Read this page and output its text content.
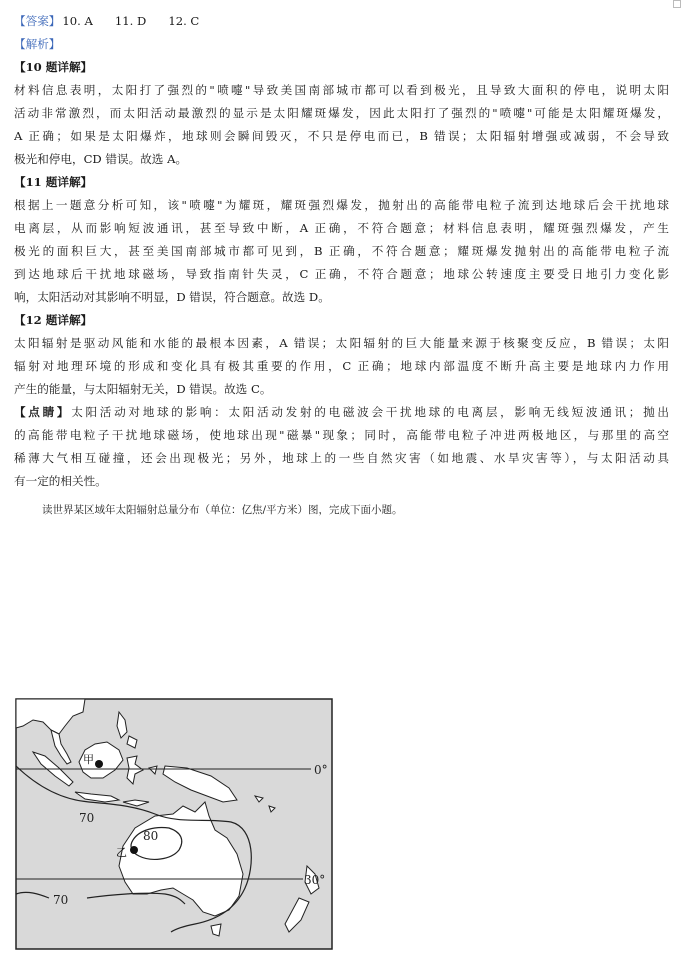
【答案】 10. A 11. D 12. C
【解析】
【10 题详解】
材料信息表明，太阳打了强烈的"喷嚏"导致美国南部城市都可以看到极光，且导致大面积的停电，说明太阳
活动非常激烈，而太阳活动最激烈的显示是太阳耀斑爆发，因此太阳打了强烈的"喷嚏"可能是太阳耀斑爆发，
A 正确；如果是太阳爆炸，地球则会瞬间毁灭，不只是停电而已，B 错误；太阳辐射增强或减弱，不会导致
极光和停电，CD 错误。故选 A。
【11 题详解】
根据上一题意分析可知，该"喷嚏"为耀斑，耀斑强烈爆发，抛射出的高能带电粒子流到达地球后会干扰地球
电离层，从而影响短波通讯，甚至导致中断，A 正确，不符合题意；材料信息表明，耀斑强烈爆发，产生
极光的面积巨大，甚至美国南部城市都可见到，B 正确，不符合题意；耀斑爆发抛射出的高能带电粒子流
到达地球后干扰地球磁场，导致指南针失灵，C 正确，不符合题意；地球公转速度主要受日地引力变化影
响，太阳活动对其影响不明显，D 错误，符合题意。故选 D。
【12 题详解】
太阳辐射是驱动风能和水能的最根本因素，A 错误；太阳辐射的巨大能量来源于核聚变反应，B 错误；太阳
辐射对地理环境的形成和变化具有极其重要的作用，C 正确；地球内部温度不断升高主要是地球内力作用
产生的能量，与太阳辐射无关，D 错误。故选 C。
【点睛】太阳活动对地球的影响：太阳活动发射的电磁波会干扰地球的电离层，影响无线短波通讯；抛出
的高能带电粒子干扰地球磁场，使地球出现"磁暴"现象；同时，高能带电粒子冲进两极地区，与那里的高空
稀薄大气相互碰撞，还会出现极光；另外，地球上的一些自然灾害（如地震、水旱灾害等），与太阳活动具
有一定的相关性。
读世界某区域年太阳辐射总量分布（单位：亿焦/平方米）图，完成下面小题。
0°
30°
70
80
70
甲
乙
